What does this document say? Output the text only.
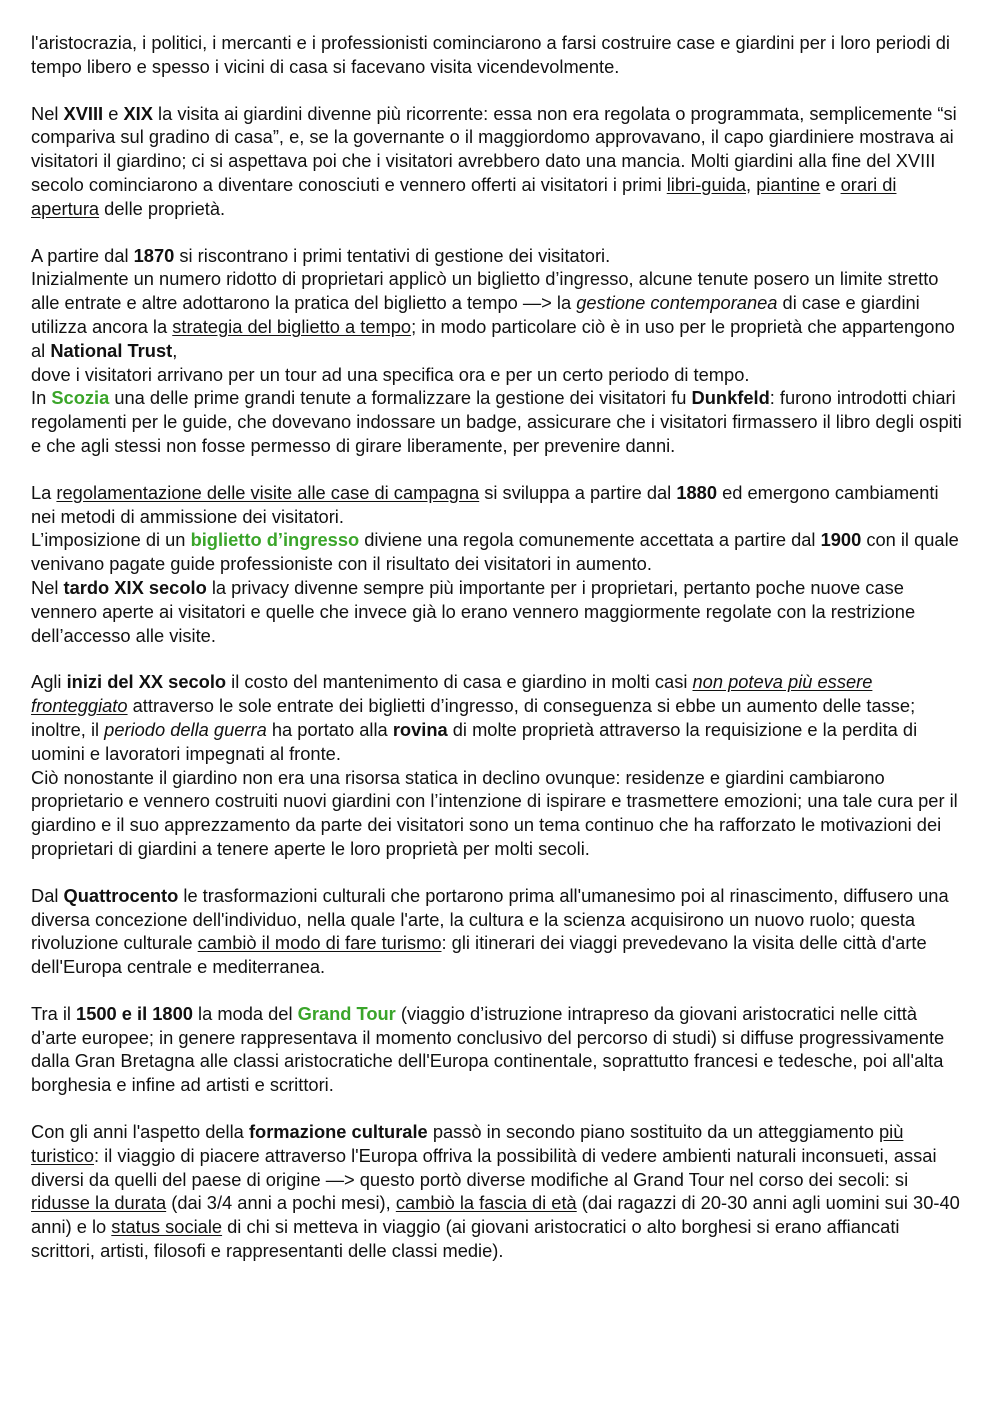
l'aristocrazia, i politici, i mercanti e i professionisti cominciarono a farsi costruire case e giardini per i loro periodi di tempo libero e spesso i vicini di casa si facevano visita vicendevolmente.

Nel XVIII e XIX la visita ai giardini divenne più ricorrente: essa non era regolata o programmata, semplicemente “si compariva sul gradino di casa”, e, se la governante o il maggiordomo approvavano, il capo giardiniere mostrava ai visitatori il giardino; ci si aspettava poi che i visitatori avrebbero dato una mancia. Molti giardini alla fine del XVIII secolo cominciarono a diventare conosciuti e vennero offerti ai visitatori i primi libri-guida, piantine e orari di apertura delle proprietà.

A partire dal 1870 si riscontrano i primi tentativi di gestione dei visitatori.

Inizialmente un numero ridotto di proprietari applicò un biglietto d’ingresso, alcune tenute posero un limite stretto alle entrate e altre adottarono la pratica del biglietto a tempo —> la gestione contemporanea di case e giardini utilizza ancora la strategia del biglietto a tempo; in modo particolare ciò è in uso per le proprietà che appartengono al National Trust,

dove i visitatori arrivano per un tour ad una specifica ora e per un certo periodo di tempo.

In Scozia una delle prime grandi tenute a formalizzare la gestione dei visitatori fu Dunkfeld: furono introdotti chiari regolamenti per le guide, che dovevano indossare un badge, assicurare che i visitatori firmassero il libro degli ospiti e che agli stessi non fosse permesso di girare liberamente, per prevenire danni.

La regolamentazione delle visite alle case di campagna si sviluppa a partire dal 1880 ed emergono cambiamenti nei metodi di ammissione dei visitatori.

L’imposizione di un biglietto d’ingresso diviene una regola comunemente accettata a partire dal 1900 con il quale venivano pagate guide professioniste con il risultato dei visitatori in aumento.

Nel tardo XIX secolo la privacy divenne sempre più importante per i proprietari, pertanto poche nuove case vennero aperte ai visitatori e quelle che invece già lo erano vennero maggiormente regolate con la restrizione dell’accesso alle visite.

Agli inizi del XX secolo il costo del mantenimento di casa e giardino in molti casi non poteva più essere fronteggiato attraverso le sole entrate dei biglietti d’ingresso, di conseguenza si ebbe un aumento delle tasse; inoltre, il periodo della guerra ha portato alla rovina di molte proprietà attraverso la requisizione e la perdita di uomini e lavoratori impegnati al fronte.

Ciò nonostante il giardino non era una risorsa statica in declino ovunque: residenze e giardini cambiarono proprietario e vennero costruiti nuovi giardini con l’intenzione di ispirare e trasmettere emozioni; una tale cura per il giardino e il suo apprezzamento da parte dei visitatori sono un tema continuo che ha rafforzato le motivazioni dei proprietari di giardini a tenere aperte le loro proprietà per molti secoli.

Dal Quattrocento le trasformazioni culturali che portarono prima all'umanesimo poi al rinascimento, diffusero una diversa concezione dell'individuo, nella quale l'arte, la cultura e la scienza acquisirono un nuovo ruolo; questa rivoluzione culturale cambiò il modo di fare turismo: gli itinerari dei viaggi prevedevano la visita delle città d'arte dell'Europa centrale e mediterranea.

Tra il 1500 e il 1800 la moda del Grand Tour (viaggio d’istruzione intrapreso da giovani aristocratici nelle città d’arte europee; in genere rappresentava il momento conclusivo del percorso di studi) si diffuse progressivamente dalla Gran Bretagna alle classi aristocratiche dell'Europa continentale, soprattutto francesi e tedesche, poi all'alta borghesia e infine ad artisti e scrittori.

Con gli anni l'aspetto della formazione culturale passò in secondo piano sostituito da un atteggiamento più turistico: il viaggio di piacere attraverso l'Europa offriva la possibilità di vedere ambienti naturali inconsueti, assai diversi da quelli del paese di origine —> questo portò diverse modifiche al Grand Tour nel corso dei secoli: si ridusse la durata (dai 3/4 anni a pochi mesi), cambiò la fascia di età (dai ragazzi di 20-30 anni agli uomini sui 30-40 anni) e lo status sociale di chi si metteva in viaggio (ai giovani aristocratici o alto borghesi si erano affiancati scrittori, artisti, filosofi e rappresentanti delle classi medie).
